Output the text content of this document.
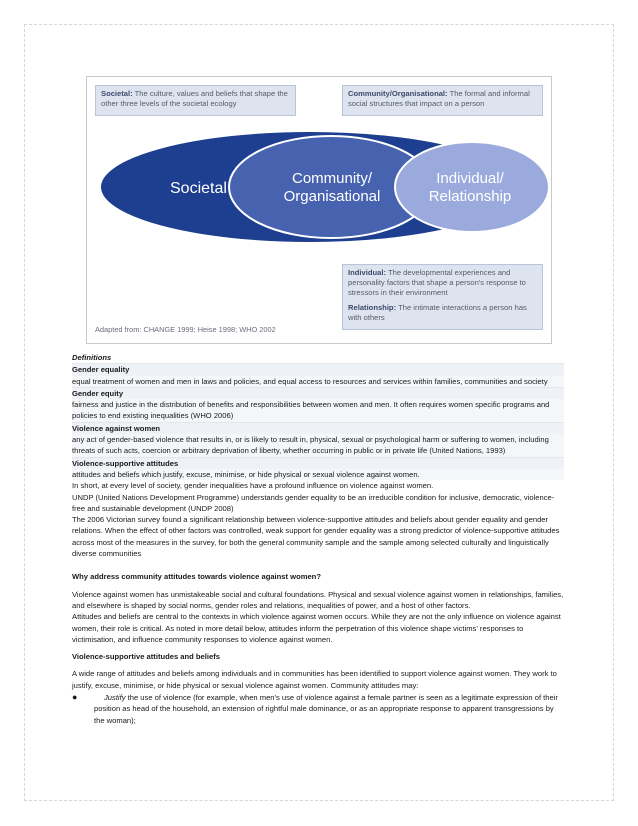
Societal: The culture, values and beliefs that shape the other three levels of the societal ecology
Community/Organisational: The formal and informal social structures that impact on a person
Societal
Community/
Organisational
Individual/
Relationship
Individual: The developmental experiences and personality factors that shape a person's response to stressors in their environment
Relationship: The intimate interactions a person has with others
Adapted from: CHANGE 1999; Heise 1998; WHO 2002

Definitions

Gender equality

equal treatment of women and men in laws and policies, and equal access to resources and services within families, communities and society

Gender equity

fairness and justice in the distribution of benefits and responsibilities between women and men. It often requires women specific programs and policies to end existing inequalities (WHO 2006)

Violence against women

any act of gender-based violence that results in, or is likely to result in, physical, sexual or psychological harm or suffering to women, including threats of such acts, coercion or arbitrary deprivation of liberty, whether occurring in public or in private life (United Nations, 1993)

Violence-supportive attitudes

attitudes and beliefs which justify, excuse, minimise, or hide physical or sexual violence against women.

In short, at every level of society, gender inequalities have a profound influence on violence against women.

UNDP (United Nations Development Programme) understands gender equality to be an irreducible condition for inclusive, democratic, violence-free and sustainable development (UNDP 2008)

The 2006 Victorian survey found a significant relationship between violence-supportive attitudes and beliefs about gender equality and gender relations. When the effect of other factors was controlled, weak support for gender equality was a strong predictor of violence-supportive attitudes across most of the measures in the survey, for both the general community sample and the sample among selected culturally and linguistically diverse communities

Why address community attitudes towards violence against women?

Violence against women has unmistakeable social and cultural foundations. Physical and sexual violence against women in relationships, families, and elsewhere is shaped by social norms, gender roles and relations, inequalities of power, and a host of other factors.

Attitudes and beliefs are central to the contexts in which violence against women occurs. While they are not the only influence on violence against women, their role is critical. As noted in more detail below, attitudes inform the perpetration of this violence shape victims' responses to victimisation, and influence community responses to violence against women.

Violence-supportive attitudes and beliefs

A wide range of attitudes and beliefs among individuals and in communities has been identified to support violence against women. They work to justify, excuse, minimise, or hide physical or sexual violence against women. Community attitudes may:

●	Justify the use of violence (for example, when men's use of violence against a female partner is seen as a legitimate expression of their position as head of the household, an extension of rightful male dominance, or as an appropriate response to apparent transgressions by the woman);
